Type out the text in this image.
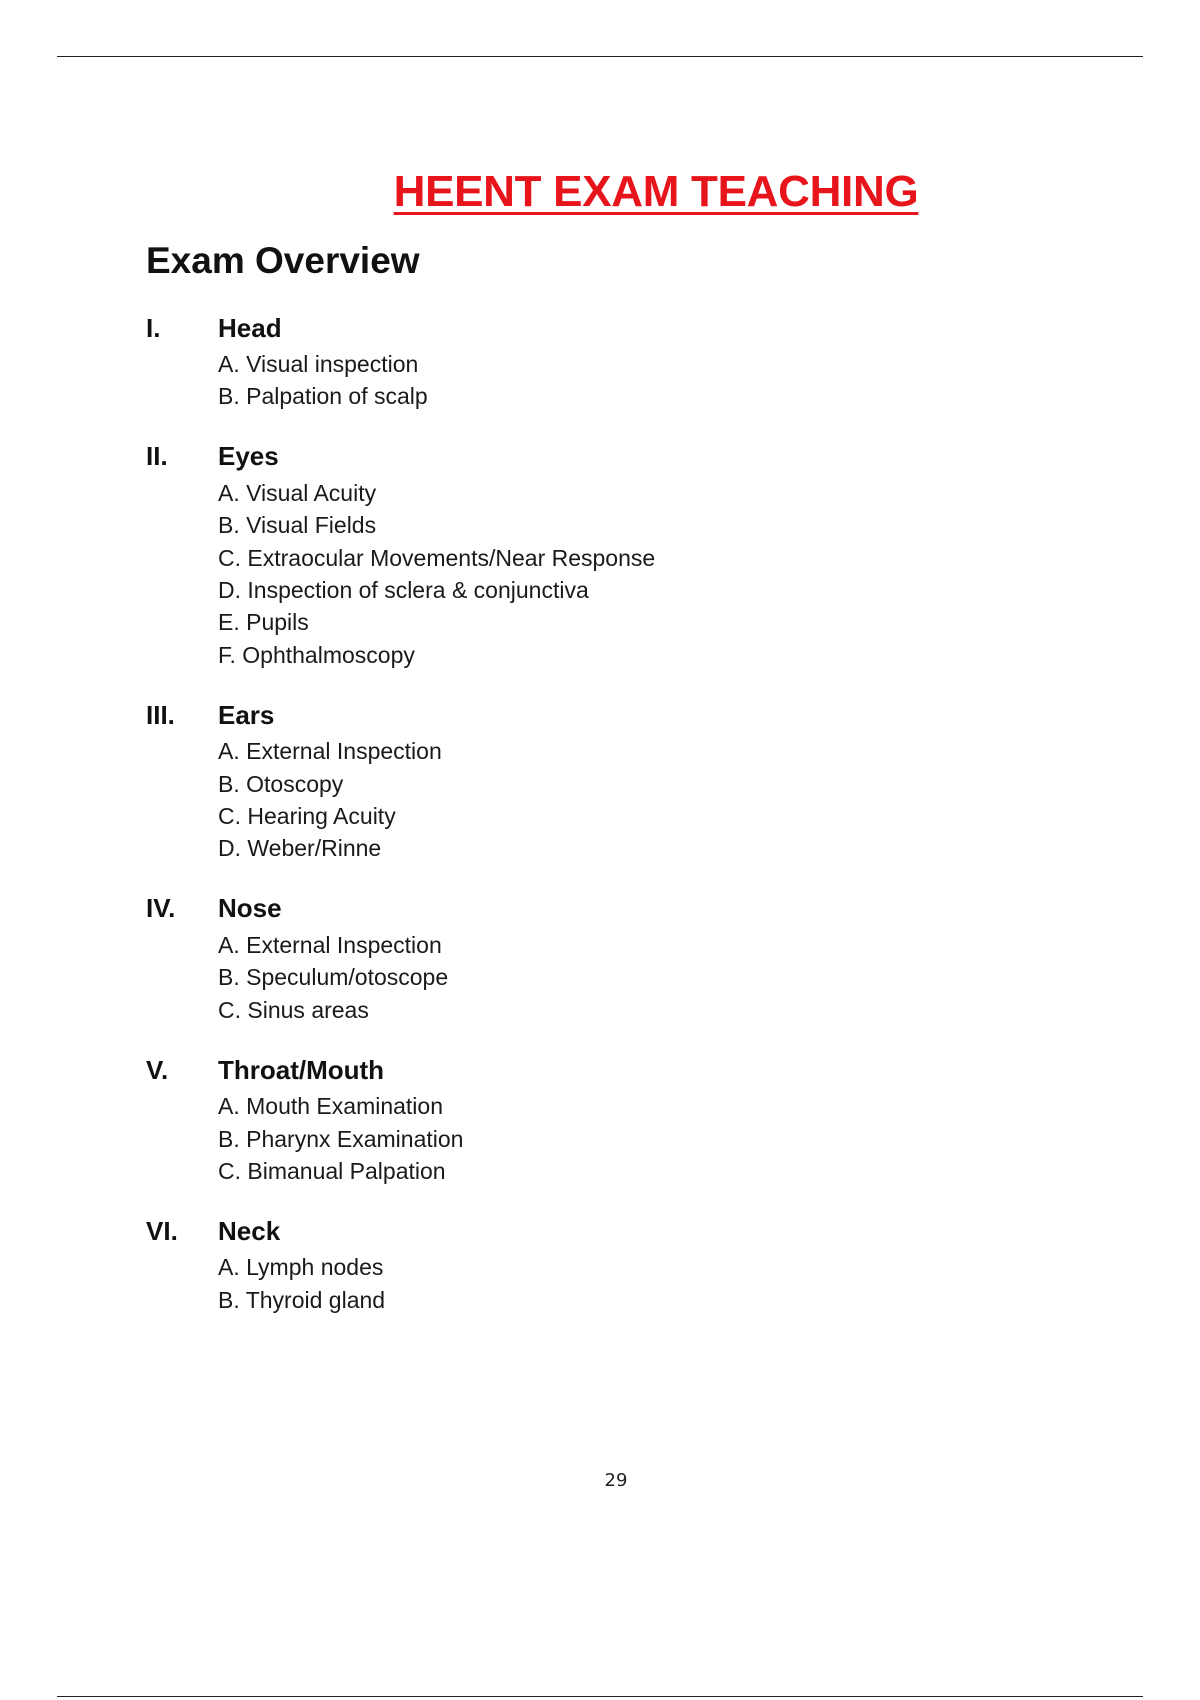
HEENT EXAM TEACHING
Exam Overview
I.	Head
A. Visual inspection
B. Palpation of scalp
II.	Eyes
A. Visual Acuity
B. Visual Fields
C. Extraocular Movements/Near Response
D. Inspection of sclera & conjunctiva
E. Pupils
F. Ophthalmoscopy
III.	Ears
A. External Inspection
B. Otoscopy
C. Hearing Acuity
D. Weber/Rinne
IV.	Nose
A. External Inspection
B. Speculum/otoscope
C. Sinus areas
V.	Throat/Mouth
A. Mouth Examination
B. Pharynx Examination
C. Bimanual Palpation
VI.	Neck
A. Lymph nodes
B. Thyroid gland
29
